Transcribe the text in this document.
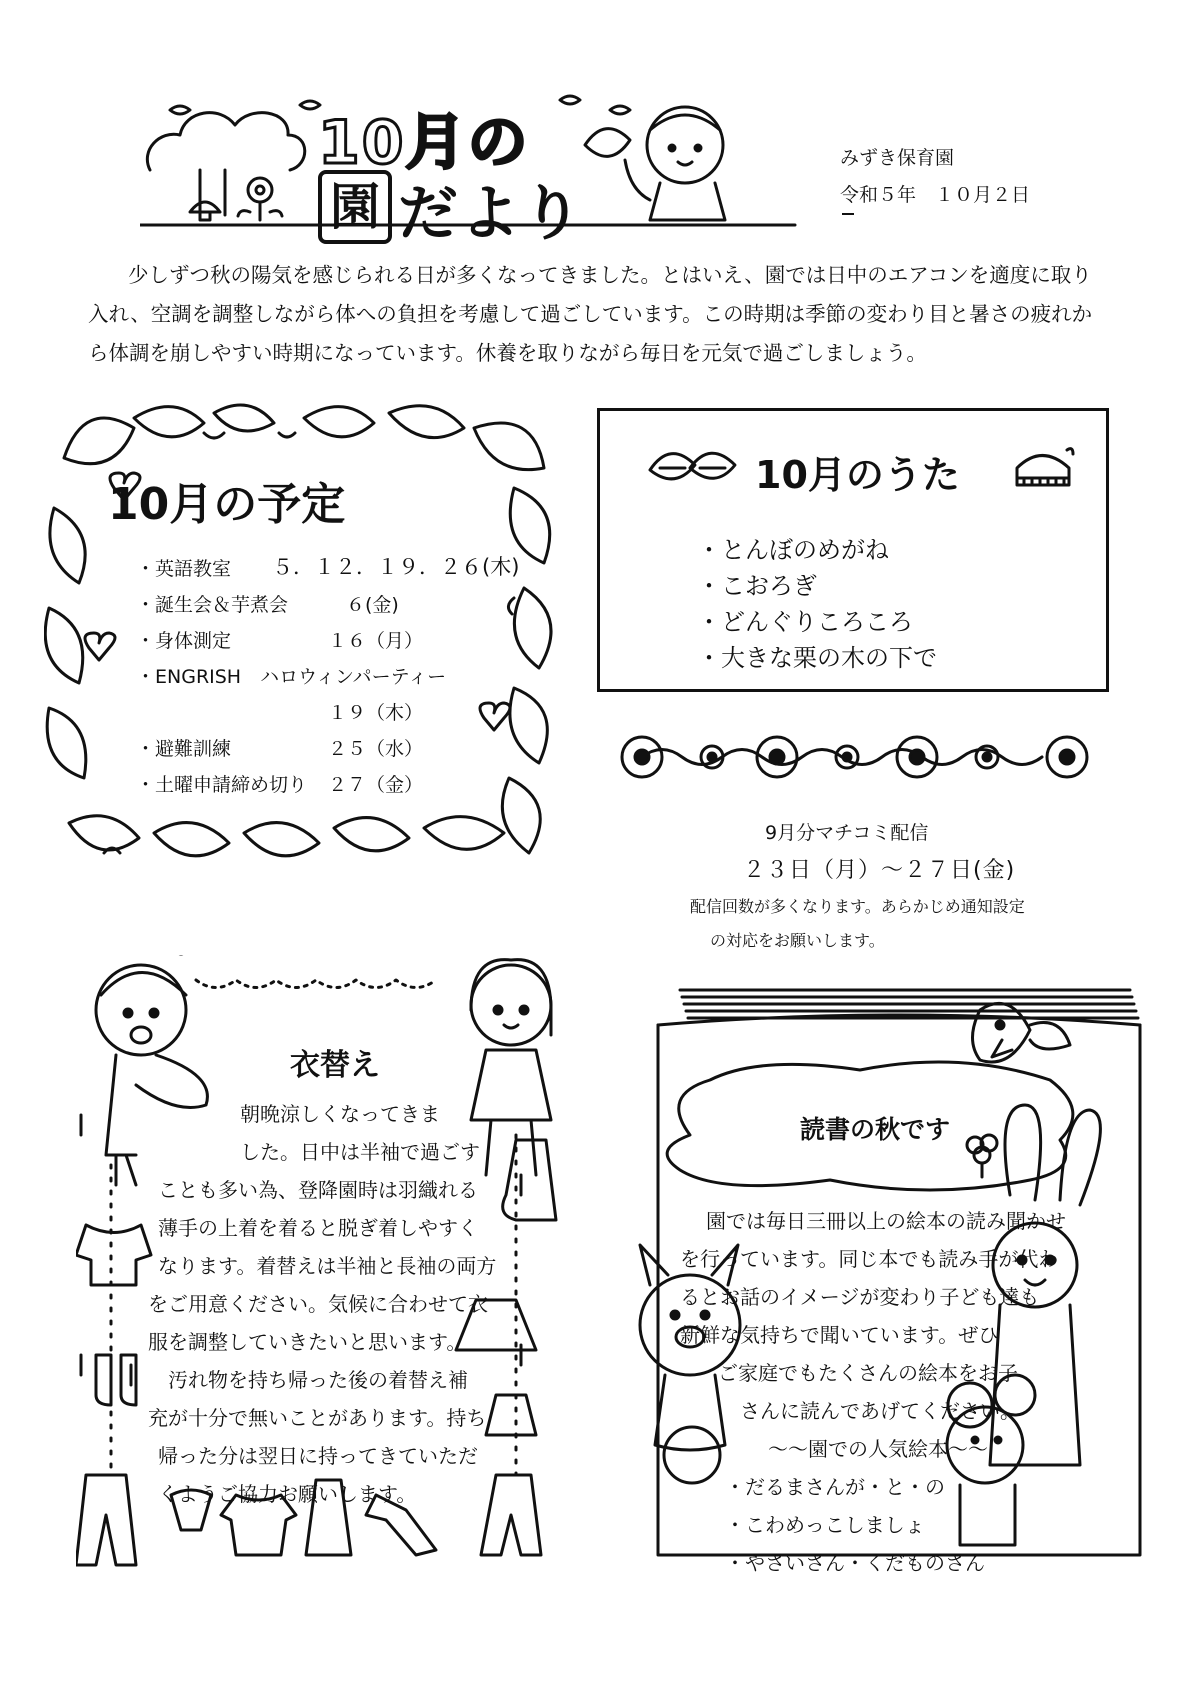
10月の
園 だより
みずき保育園
令和５年　１０月２日
少しずつ秋の陽気を感じられる日が多くなってきました。とはいえ、園では日中のエアコンを適度に取り入れ、空調を調整しながら体への負担を考慮して過ごしています。この時期は季節の変わり目と暑さの疲れから体調を崩しやすい時期になっています。休養を取りながら毎日を元気で過ごしましょう。
10月の予定
・英語教室 ５．１２．１９．２６(木)
・誕生会＆芋煮会	６(金)
・身体測定	１６（月）
・ENGRISH　ハロウィンパーティー
１９（木）
・避難訓練	２５（水）
・土曜申請締め切り ２７（金）
10月のうた
・とんぼのめがね
・こおろぎ
・どんぐりころころ
・大きな栗の木の下で
9月分マチコミ配信
２３日（月）～２７日(金)
配信回数が多くなります。あらかじめ通知設定
の対応をお願いします。
衣替え
朝晩涼しくなってきま
した。日中は半袖で過ごす
ことも多い為、登降園時は羽織れる
薄手の上着を着ると脱ぎ着しやすく
なります。着替えは半袖と長袖の両方
をご用意ください。気候に合わせて衣
服を調整していきたいと思います。
　汚れ物を持ち帰った後の着替え補
充が十分で無いことがあります。持ち
帰った分は翌日に持ってきていただ
くようご協力お願いします。
読書の秋です
園では毎日三冊以上の絵本の読み聞かせ
を行っています。同じ本でも読み手が代わ
るとお話のイメージが変わり子ども達も
新鮮な気持ちで聞いています。ぜひ
ご家庭でもたくさんの絵本をお子
さんに読んであげてください。
～～園での人気絵本～～
・だるまさんが・と・の
・こわめっこしましょ
・やさいさん・くだものさん
